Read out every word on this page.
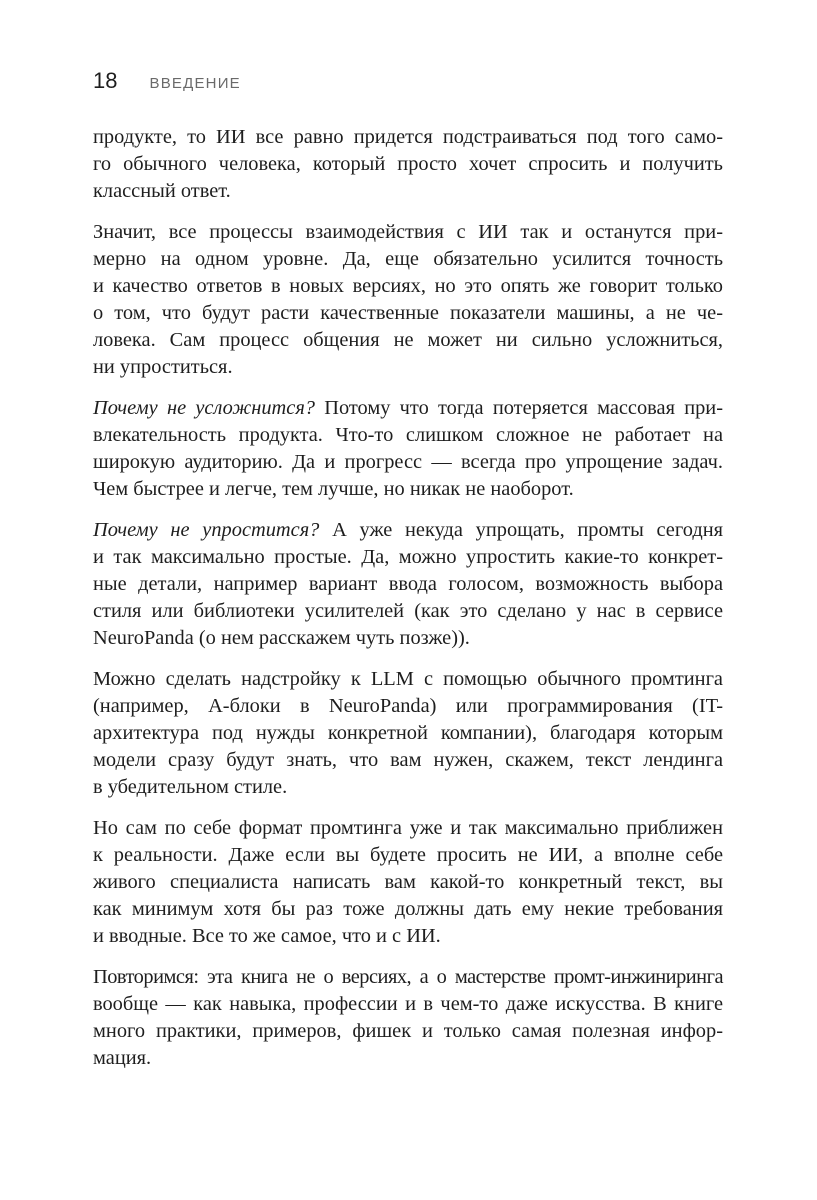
18 ВВЕДЕНИЕ

продукте, то ИИ все равно придется подстраиваться под того само-
го обычного человека, который просто хочет спросить и получить
классный ответ.

Значит, все процессы взаимодействия с ИИ так и останутся при-
мерно на одном уровне. Да, еще обязательно усилится точность
и качество ответов в новых версиях, но это опять же говорит только
о том, что будут расти качественные показатели машины, а не че-
ловека. Сам процесс общения не может ни сильно усложниться,
ни упроститься.

Почему не усложнится? Потому что тогда потеряется массовая при-
влекательность продукта. Что-то слишком сложное не работает на
широкую аудиторию. Да и прогресс — всегда про упрощение задач.
Чем быстрее и легче, тем лучше, но никак не наоборот.

Почему не упростится? А уже некуда упрощать, промты сегодня
и так максимально простые. Да, можно упростить какие-то конкрет-
ные детали, например вариант ввода голосом, возможность выбора
стиля или библиотеки усилителей (как это сделано у нас в сервисе
NeuroPanda (о нем расскажем чуть позже)).

Можно сделать надстройку к LLM с помощью обычного промтинга
(например, А-блоки в NeuroPanda) или программирования (IT-
архитектура под нужды конкретной компании), благодаря которым
модели сразу будут знать, что вам нужен, скажем, текст лендинга
в убедительном стиле.

Но сам по себе формат промтинга уже и так максимально приближен
к реальности. Даже если вы будете просить не ИИ, а вполне себе
живого специалиста написать вам какой-то конкретный текст, вы
как минимум хотя бы раз тоже должны дать ему некие требования
и вводные. Все то же самое, что и с ИИ.

Повторимся: эта книга не о версиях, а о мастерстве промт-инжиниринга
вообще — как навыка, профессии и в чем-то даже искусства. В книге
много практики, примеров, фишек и только самая полезная инфор-
мация.
